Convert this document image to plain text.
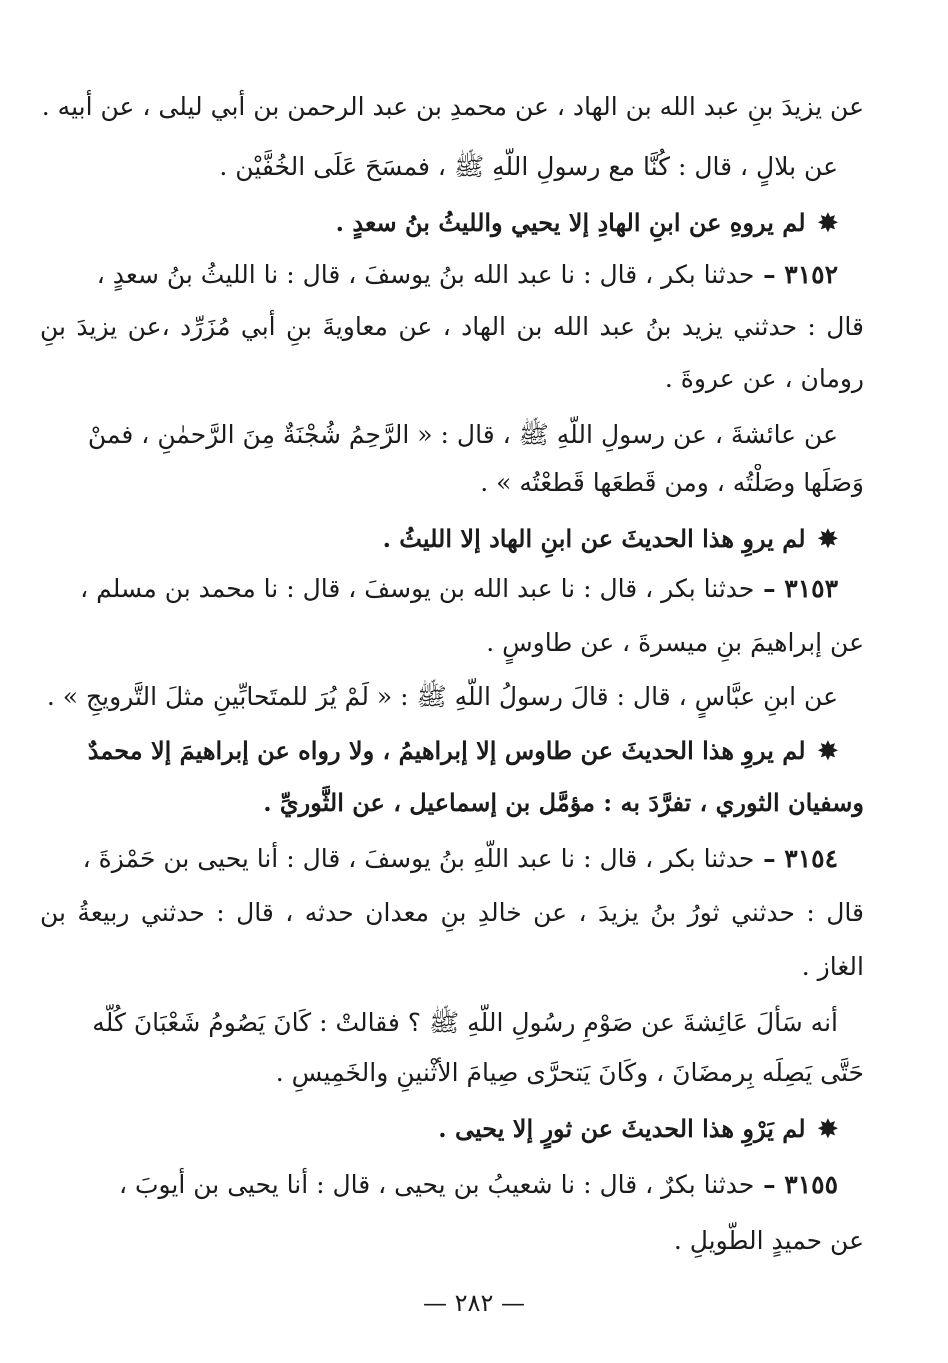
عن يزيدَ بنِ عبد الله بن الهاد ، عن محمدِ بن عبد الرحمن بن أبي ليلى ، عن أبيه .
عن بلالٍ ، قال : كُنَّا مع رسولِ اللّهِ ﷺ ، فمسَحَ عَلَى الخُفَّيْن .
✸ لم يروهِ عن ابنِ الهادِ إلا يحيي والليثُ بنُ سعدٍ .
٣١٥٢ – حدثنا بكر ، قال : نا عبد الله بنُ يوسفَ ، قال : نا الليثُ بنُ سعدٍ ،
قال : حدثني يزيد بنُ عبد الله بن الهاد ، عن معاويةَ بنِ أبي مُزَرِّد ،عن يزيدَ بنِ
رومان ، عن عروةَ .
عن عائشةَ ، عن رسولِ اللّهِ ﷺ ، قال : « الرَّحِمُ شُجْنَةٌ مِنَ الرَّحمٰنِ ، فمنْ
وَصَلَها وصَلْتُه ، ومن قَطعَها قَطعْتُه » .
✸ لم يروِ هذا الحديثَ عن ابنِ الهاد إلا الليثُ .
٣١٥٣ – حدثنا بكر ، قال : نا عبد الله بن يوسفَ ، قال : نا محمد بن مسلم ،
عن إبراهيمَ بنِ ميسرةَ ، عن طاوسٍ .
عن ابنِ عبَّاسٍ ، قال : قالَ رسولُ اللّهِ ﷺ : « لَمْ يُرَ للمتَحابِّينِ مثلَ التَّرويجِ » .
✸ لم يروِ هذا الحديثَ عن طاوس إلا إبراهيمُ ، ولا رواه عن إبراهيمَ إلا محمدٌ
وسفيان الثوري ، تفرَّدَ به : مؤمَّل بن إسماعيل ، عن الثَّوريِّ .
٣١٥٤ – حدثنا بكر ، قال : نا عبد اللّهِ بنُ يوسفَ ، قال : أنا يحيى بن حَمْزةَ ،
قال : حدثني ثورُ بنُ يزيدَ ، عن خالدِ بنِ معدان حدثه ، قال : حدثني ربيعةُ بن
الغاز .
أنه سَأَلَ عَائِشةَ عن صَوْمِ رسُولِ اللّهِ ﷺ ؟ فقالتْ : كَانَ يَصُومُ شَعْبَانَ كُلَّه
حَتَّى يَصِلَه بِرمضَانَ ، وكَانَ يَتحرَّى صِيامَ الأثْنينِ والخَمِيسِ .
✸ لم يَرْوِ هذا الحديثَ عن ثورٍ إلا يحيى .
٣١٥٥ – حدثنا بكرٌ ، قال : نا شعيبُ بن يحيى ، قال : أنا يحيى بن أيوبَ ،
عن حميدٍ الطَّويلِ .
— ٢٨٢ —
